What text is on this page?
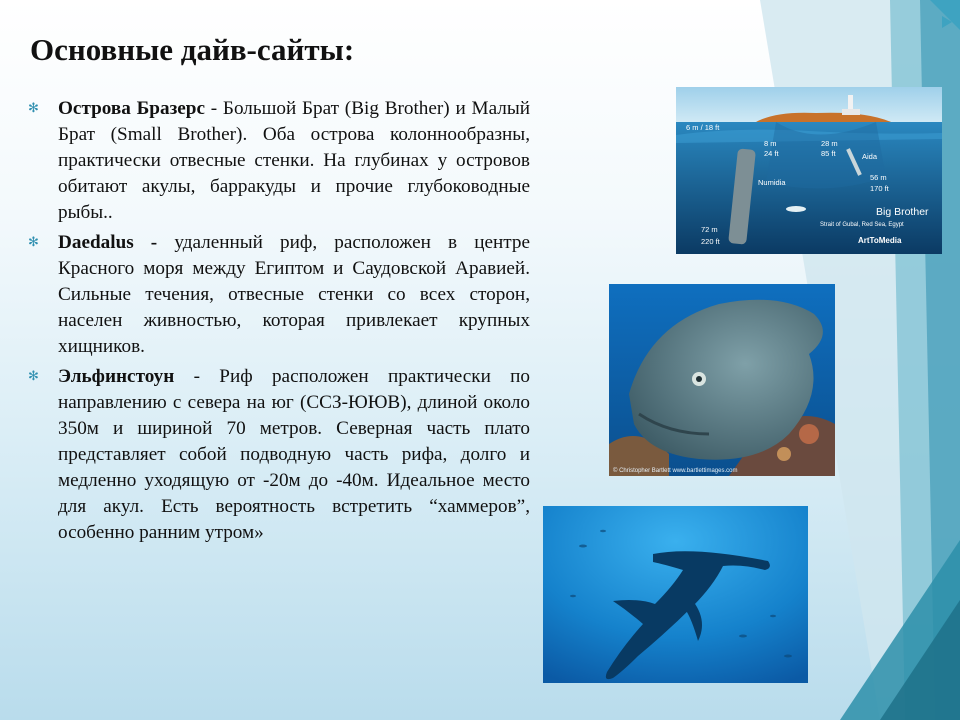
Основные дайв-сайты:
✻ Острова Бразерс - Большой Брат (Big Brother) и Малый Брат (Small Brother). Оба острова колоннообразны, практически отвесные стенки. На глубинах у островов обитают акулы, барракуды и прочие глубоководные рыбы..
✻ Daedalus - удаленный риф, расположен в центре Красного моря между Египтом и Саудовской Аравией. Сильные течения, отвесные стенки со всех сторон, населен живностью, которая привлекает крупных хищников.
✻ Эльфинстоун - Риф расположен практически по направлению с севера на юг (ССЗ-ЮЮВ), длиной около 350м и шириной 70 метров. Северная часть плато представляет собой подводную часть рифа, долго и медленно уходящую от -20м до -40м. Идеальное место для акул. Есть вероятность встретить “хаммеров”, особенно ранним утром»
6 m / 18 ft
8 m
24 ft
28 m
85 ft
56 m
170 ft
72 m
220 ft
Numidia
Aida
Big Brother
Strait of Gubal, Red Sea, Egypt
ArtToMedia
© Christopher Bartlett www.bartlettimages.com
